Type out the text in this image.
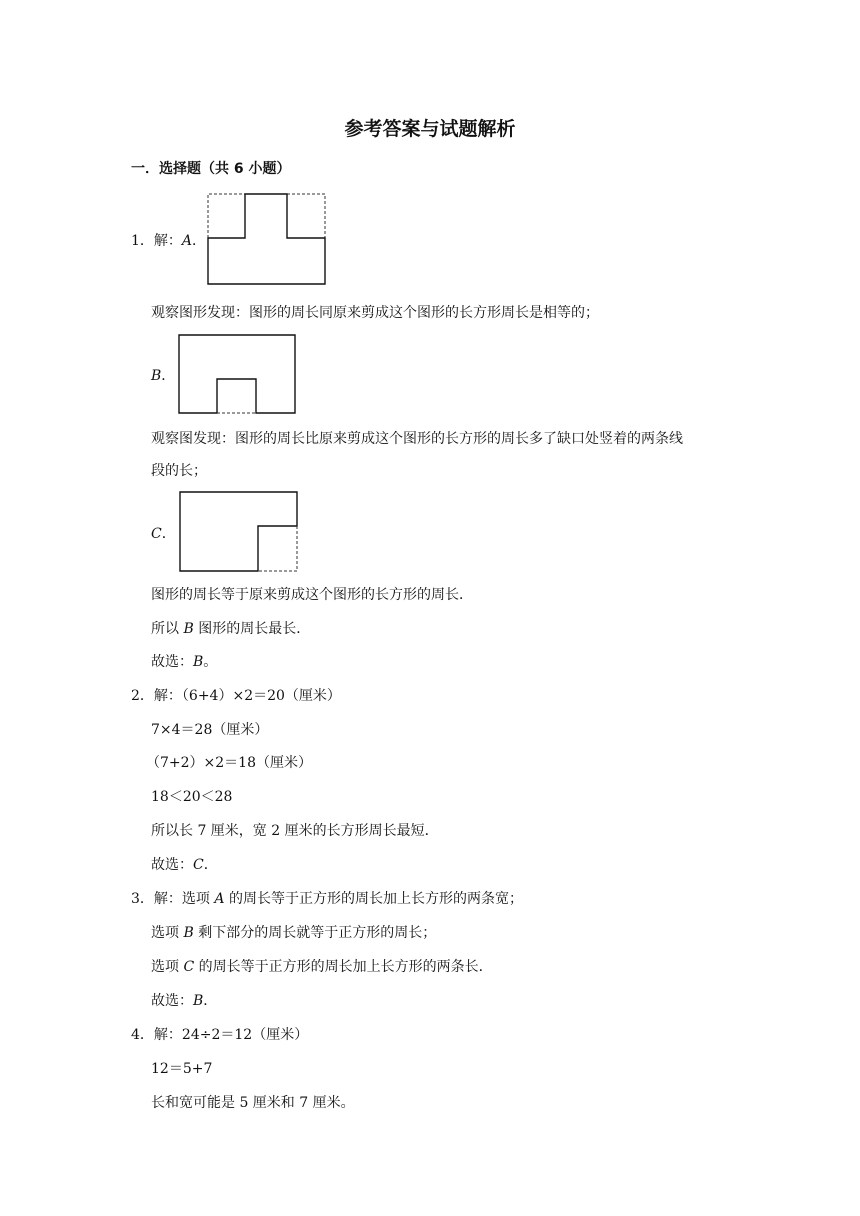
参考答案与试题解析
一．选择题（共 6 小题）
1．解：A．
观察图形发现：图形的周长同原来剪成这个图形的长方形周长是相等的；
B．
观察图发现：图形的周长比原来剪成这个图形的长方形的周长多了缺口处竖着的两条线
段的长；
C．
图形的周长等于原来剪成这个图形的长方形的周长．
所以 B 图形的周长最长．
故选：B。
2．解：（6+4）×2＝20（厘米）
7×4＝28（厘米）
（7+2）×2＝18（厘米）
18＜20＜28
所以长 7 厘米，宽 2 厘米的长方形周长最短．
故选：C．
3．解：选项 A 的周长等于正方形的周长加上长方形的两条宽；
选项 B 剩下部分的周长就等于正方形的周长；
选项 C 的周长等于正方形的周长加上长方形的两条长．
故选：B．
4．解：24÷2＝12（厘米）
12＝5+7
长和宽可能是 5 厘米和 7 厘米。
